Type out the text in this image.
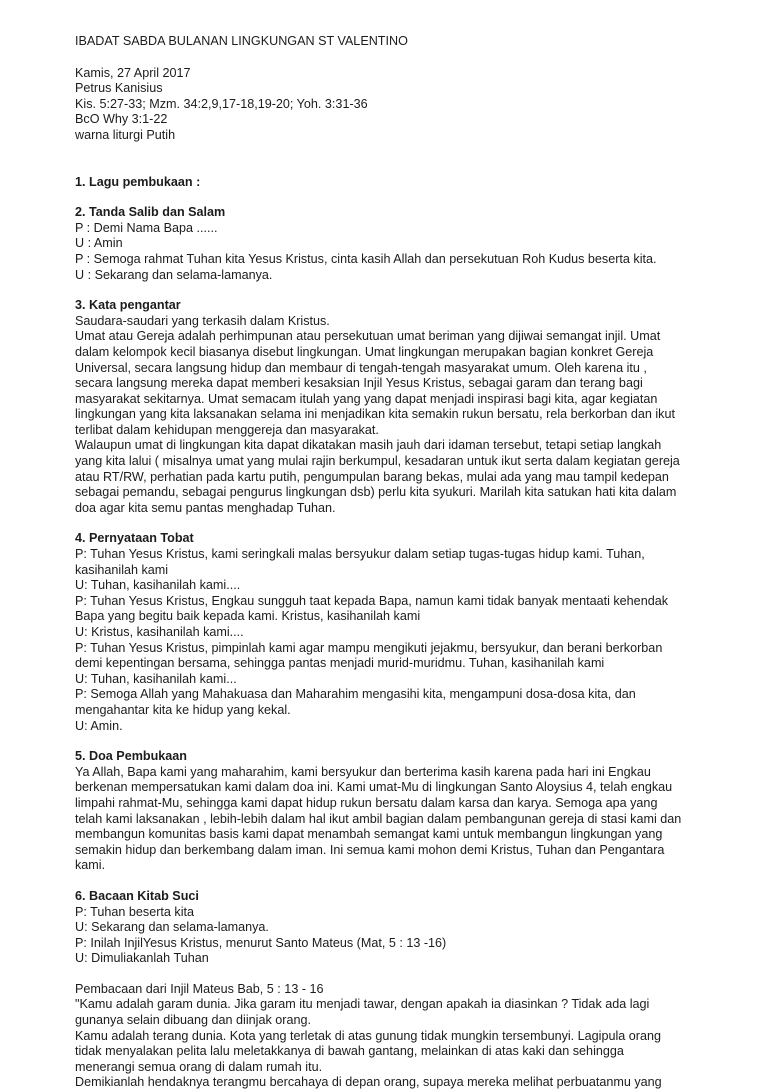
IBADAT SABDA BULANAN LINGKUNGAN ST VALENTINO
Kamis, 27 April 2017
Petrus Kanisius
Kis. 5:27-33; Mzm. 34:2,9,17-18,19-20; Yoh. 3:31-36
BcO Why 3:1-22
warna liturgi Putih
1. Lagu pembukaan :
2. Tanda Salib dan Salam
P : Demi Nama Bapa ......
U : Amin
P : Semoga rahmat Tuhan kita Yesus Kristus, cinta kasih Allah dan persekutuan Roh Kudus beserta kita.
U : Sekarang dan selama-lamanya.
3. Kata pengantar
Saudara-saudari yang terkasih dalam Kristus.
Umat atau Gereja adalah perhimpunan atau persekutuan umat beriman yang dijiwai semangat injil. Umat
dalam kelompok kecil biasanya disebut lingkungan. Umat lingkungan merupakan bagian konkret Gereja
Universal, secara langsung hidup dan membaur di tengah-tengah masyarakat umum. Oleh karena itu ,
secara langsung mereka dapat memberi kesaksian Injil Yesus Kristus, sebagai garam dan terang bagi
masyarakat sekitarnya. Umat semacam itulah yang yang dapat menjadi inspirasi bagi kita, agar kegiatan
lingkungan yang kita laksanakan selama ini menjadikan kita semakin rukun bersatu, rela berkorban dan ikut
terlibat dalam kehidupan menggereja dan masyarakat.
Walaupun umat di lingkungan kita dapat dikatakan masih jauh dari idaman tersebut, tetapi setiap langkah
yang kita lalui ( misalnya umat yang mulai rajin berkumpul, kesadaran untuk ikut serta dalam kegiatan gereja
atau RT/RW, perhatian pada kartu putih, pengumpulan barang bekas, mulai ada yang mau tampil kedepan
sebagai pemandu, sebagai pengurus lingkungan dsb) perlu kita syukuri. Marilah kita satukan hati kita dalam
doa agar kita semu pantas menghadap Tuhan.
4. Pernyataan Tobat
P: Tuhan Yesus Kristus, kami seringkali malas bersyukur dalam setiap tugas-tugas hidup kami. Tuhan,
kasihanilah kami
U: Tuhan, kasihanilah kami....
P: Tuhan Yesus Kristus, Engkau sungguh taat kepada Bapa, namun kami tidak banyak mentaati kehendak
Bapa yang begitu baik kepada kami. Kristus, kasihanilah kami
U: Kristus, kasihanilah kami....
P: Tuhan Yesus Kristus, pimpinlah kami agar mampu mengikuti jejakmu, bersyukur, dan berani berkorban
demi kepentingan bersama, sehingga pantas menjadi murid-muridmu. Tuhan, kasihanilah kami
U: Tuhan, kasihanilah kami...
P: Semoga Allah yang Mahakuasa dan Maharahim mengasihi kita, mengampuni dosa-dosa kita, dan
mengahantar kita ke hidup yang kekal.
U: Amin.
5. Doa Pembukaan
Ya Allah, Bapa kami yang maharahim, kami bersyukur dan berterima kasih karena pada hari ini Engkau
berkenan mempersatukan kami dalam doa ini. Kami umat-Mu di lingkungan Santo Aloysius 4, telah engkau
limpahi rahmat-Mu, sehingga kami dapat hidup rukun bersatu dalam karsa dan karya. Semoga apa yang
telah kami laksanakan , lebih-lebih dalam hal ikut ambil bagian dalam pembangunan gereja di stasi kami dan
membangun komunitas basis kami dapat menambah semangat kami untuk membangun lingkungan yang
semakin hidup dan berkembang dalam iman. Ini semua kami mohon demi Kristus, Tuhan dan Pengantara
kami.
6. Bacaan Kitab Suci
P: Tuhan beserta kita
U: Sekarang dan selama-lamanya.
P: Inilah InjilYesus Kristus, menurut Santo Mateus (Mat, 5 : 13 -16)
U: Dimuliakanlah Tuhan
Pembacaan dari Injil Mateus Bab, 5 : 13 - 16
"Kamu adalah garam dunia. Jika garam itu menjadi tawar, dengan apakah ia diasinkan ? Tidak ada lagi
gunanya selain dibuang dan diinjak orang.
Kamu adalah terang dunia. Kota yang terletak di atas gunung tidak mungkin tersembunyi. Lagipula orang
tidak menyalakan pelita lalu meletakkanya di bawah gantang, melainkan di atas kaki dan sehingga
menerangi semua orang di dalam rumah itu.
Demikianlah hendaknya terangmu bercahaya di depan orang, supaya mereka melihat perbuatanmu yang
